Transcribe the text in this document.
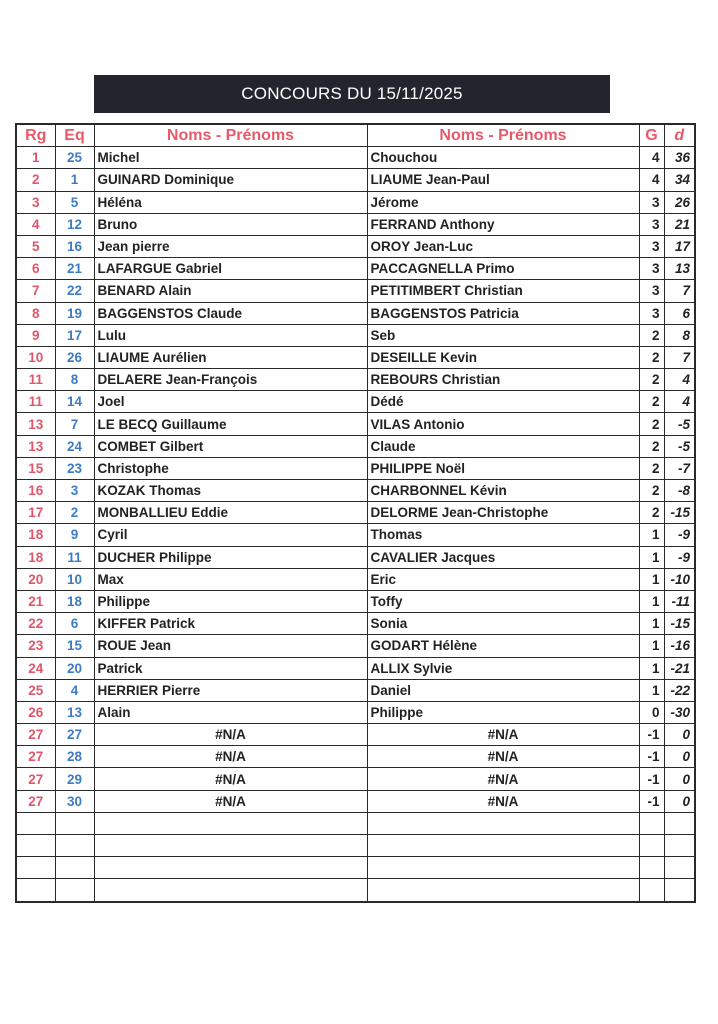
CONCOURS DU 15/11/2025
Rg	Eq	Noms - Prénoms	Noms - Prénoms	G	d
1	25	Michel	Chouchou	4	36
2	1	GUINARD Dominique	LIAUME Jean-Paul	4	34
3	5	Héléna	Jérome	3	26
4	12	Bruno	FERRAND Anthony	3	21
5	16	Jean pierre	OROY Jean-Luc	3	17
6	21	LAFARGUE Gabriel	PACCAGNELLA Primo	3	13
7	22	BENARD Alain	PETITIMBERT Christian	3	7
8	19	BAGGENSTOS Claude	BAGGENSTOS Patricia	3	6
9	17	Lulu	Seb	2	8
10	26	LIAUME Aurélien	DESEILLE Kevin	2	7
11	8	DELAERE Jean-François	REBOURS Christian	2	4
11	14	Joel	Dédé	2	4
13	7	LE BECQ Guillaume	VILAS Antonio	2	-5
13	24	COMBET Gilbert	Claude	2	-5
15	23	Christophe	PHILIPPE Noël	2	-7
16	3	KOZAK Thomas	CHARBONNEL Kévin	2	-8
17	2	MONBALLIEU Eddie	DELORME Jean-Christophe	2	-15
18	9	Cyril	Thomas	1	-9
18	11	DUCHER Philippe	CAVALIER Jacques	1	-9
20	10	Max	Eric	1	-10
21	18	Philippe	Toffy	1	-11
22	6	KIFFER Patrick	Sonia	1	-15
23	15	ROUE Jean	GODART Hélène	1	-16
24	20	Patrick	ALLIX Sylvie	1	-21
25	4	HERRIER Pierre	Daniel	1	-22
26	13	Alain	Philippe	0	-30
27	27	#N/A	#N/A	-1	0
27	28	#N/A	#N/A	-1	0
27	29	#N/A	#N/A	-1	0
27	30	#N/A	#N/A	-1	0
